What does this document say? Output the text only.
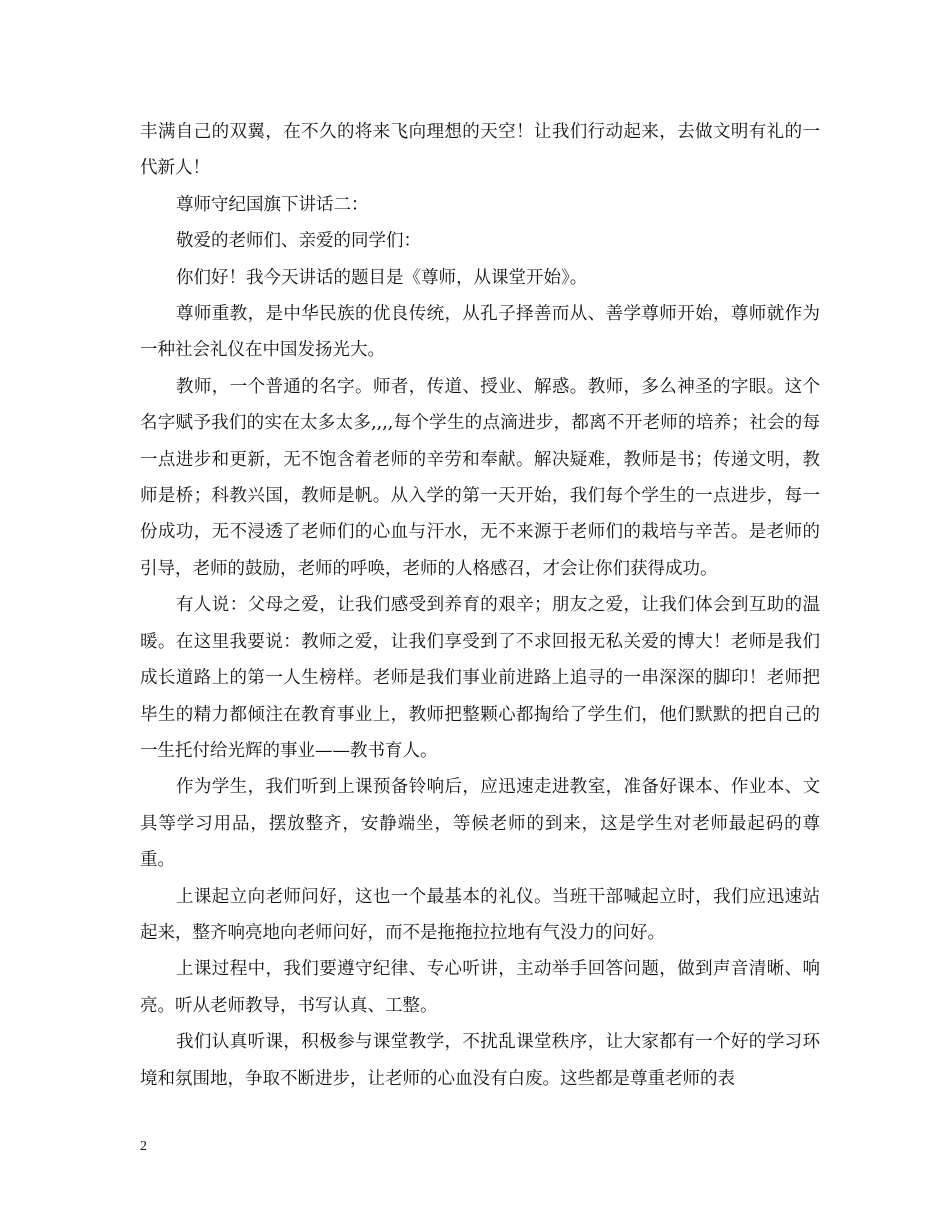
丰满自己的双翼，在不久的将来飞向理想的天空！让我们行动起来，去做文明有礼的一代新人！

尊师守纪国旗下讲话二：

敬爱的老师们、亲爱的同学们：

你们好！我今天讲话的题目是《尊师，从课堂开始》。

尊师重教，是中华民族的优良传统，从孔子择善而从、善学尊师开始，尊师就作为一种社会礼仪在中国发扬光大。

教师，一个普通的名字。师者，传道、授业、解惑。教师，多么神圣的字眼。这个名字赋予我们的实在太多太多,,,,每个学生的点滴进步，都离不开老师的培养；社会的每一点进步和更新，无不饱含着老师的辛劳和奉献。解决疑难，教师是书；传递文明，教师是桥；科教兴国，教师是帆。从入学的第一天开始，我们每个学生的一点进步，每一份成功，无不浸透了老师们的心血与汗水，无不来源于老师们的栽培与辛苦。是老师的引导，老师的鼓励，老师的呼唤，老师的人格感召，才会让你们获得成功。

有人说：父母之爱，让我们感受到养育的艰辛；朋友之爱，让我们体会到互助的温暖。在这里我要说：教师之爱，让我们享受到了不求回报无私关爱的博大！老师是我们成长道路上的第一人生榜样。老师是我们事业前进路上追寻的一串深深的脚印！老师把毕生的精力都倾注在教育事业上，教师把整颗心都掏给了学生们，他们默默的把自己的一生托付给光辉的事业——教书育人。

作为学生，我们听到上课预备铃响后，应迅速走进教室，准备好课本、作业本、文具等学习用品，摆放整齐，安静端坐，等候老师的到来，这是学生对老师最起码的尊重。

上课起立向老师问好，这也一个最基本的礼仪。当班干部喊起立时，我们应迅速站起来，整齐响亮地向老师问好，而不是拖拖拉拉地有气没力的问好。

上课过程中，我们要遵守纪律、专心听讲，主动举手回答问题，做到声音清晰、响亮。听从老师教导，书写认真、工整。

我们认真听课，积极参与课堂教学，不扰乱课堂秩序，让大家都有一个好的学习环境和氛围地，争取不断进步，让老师的心血没有白废。这些都是尊重老师的表

2
